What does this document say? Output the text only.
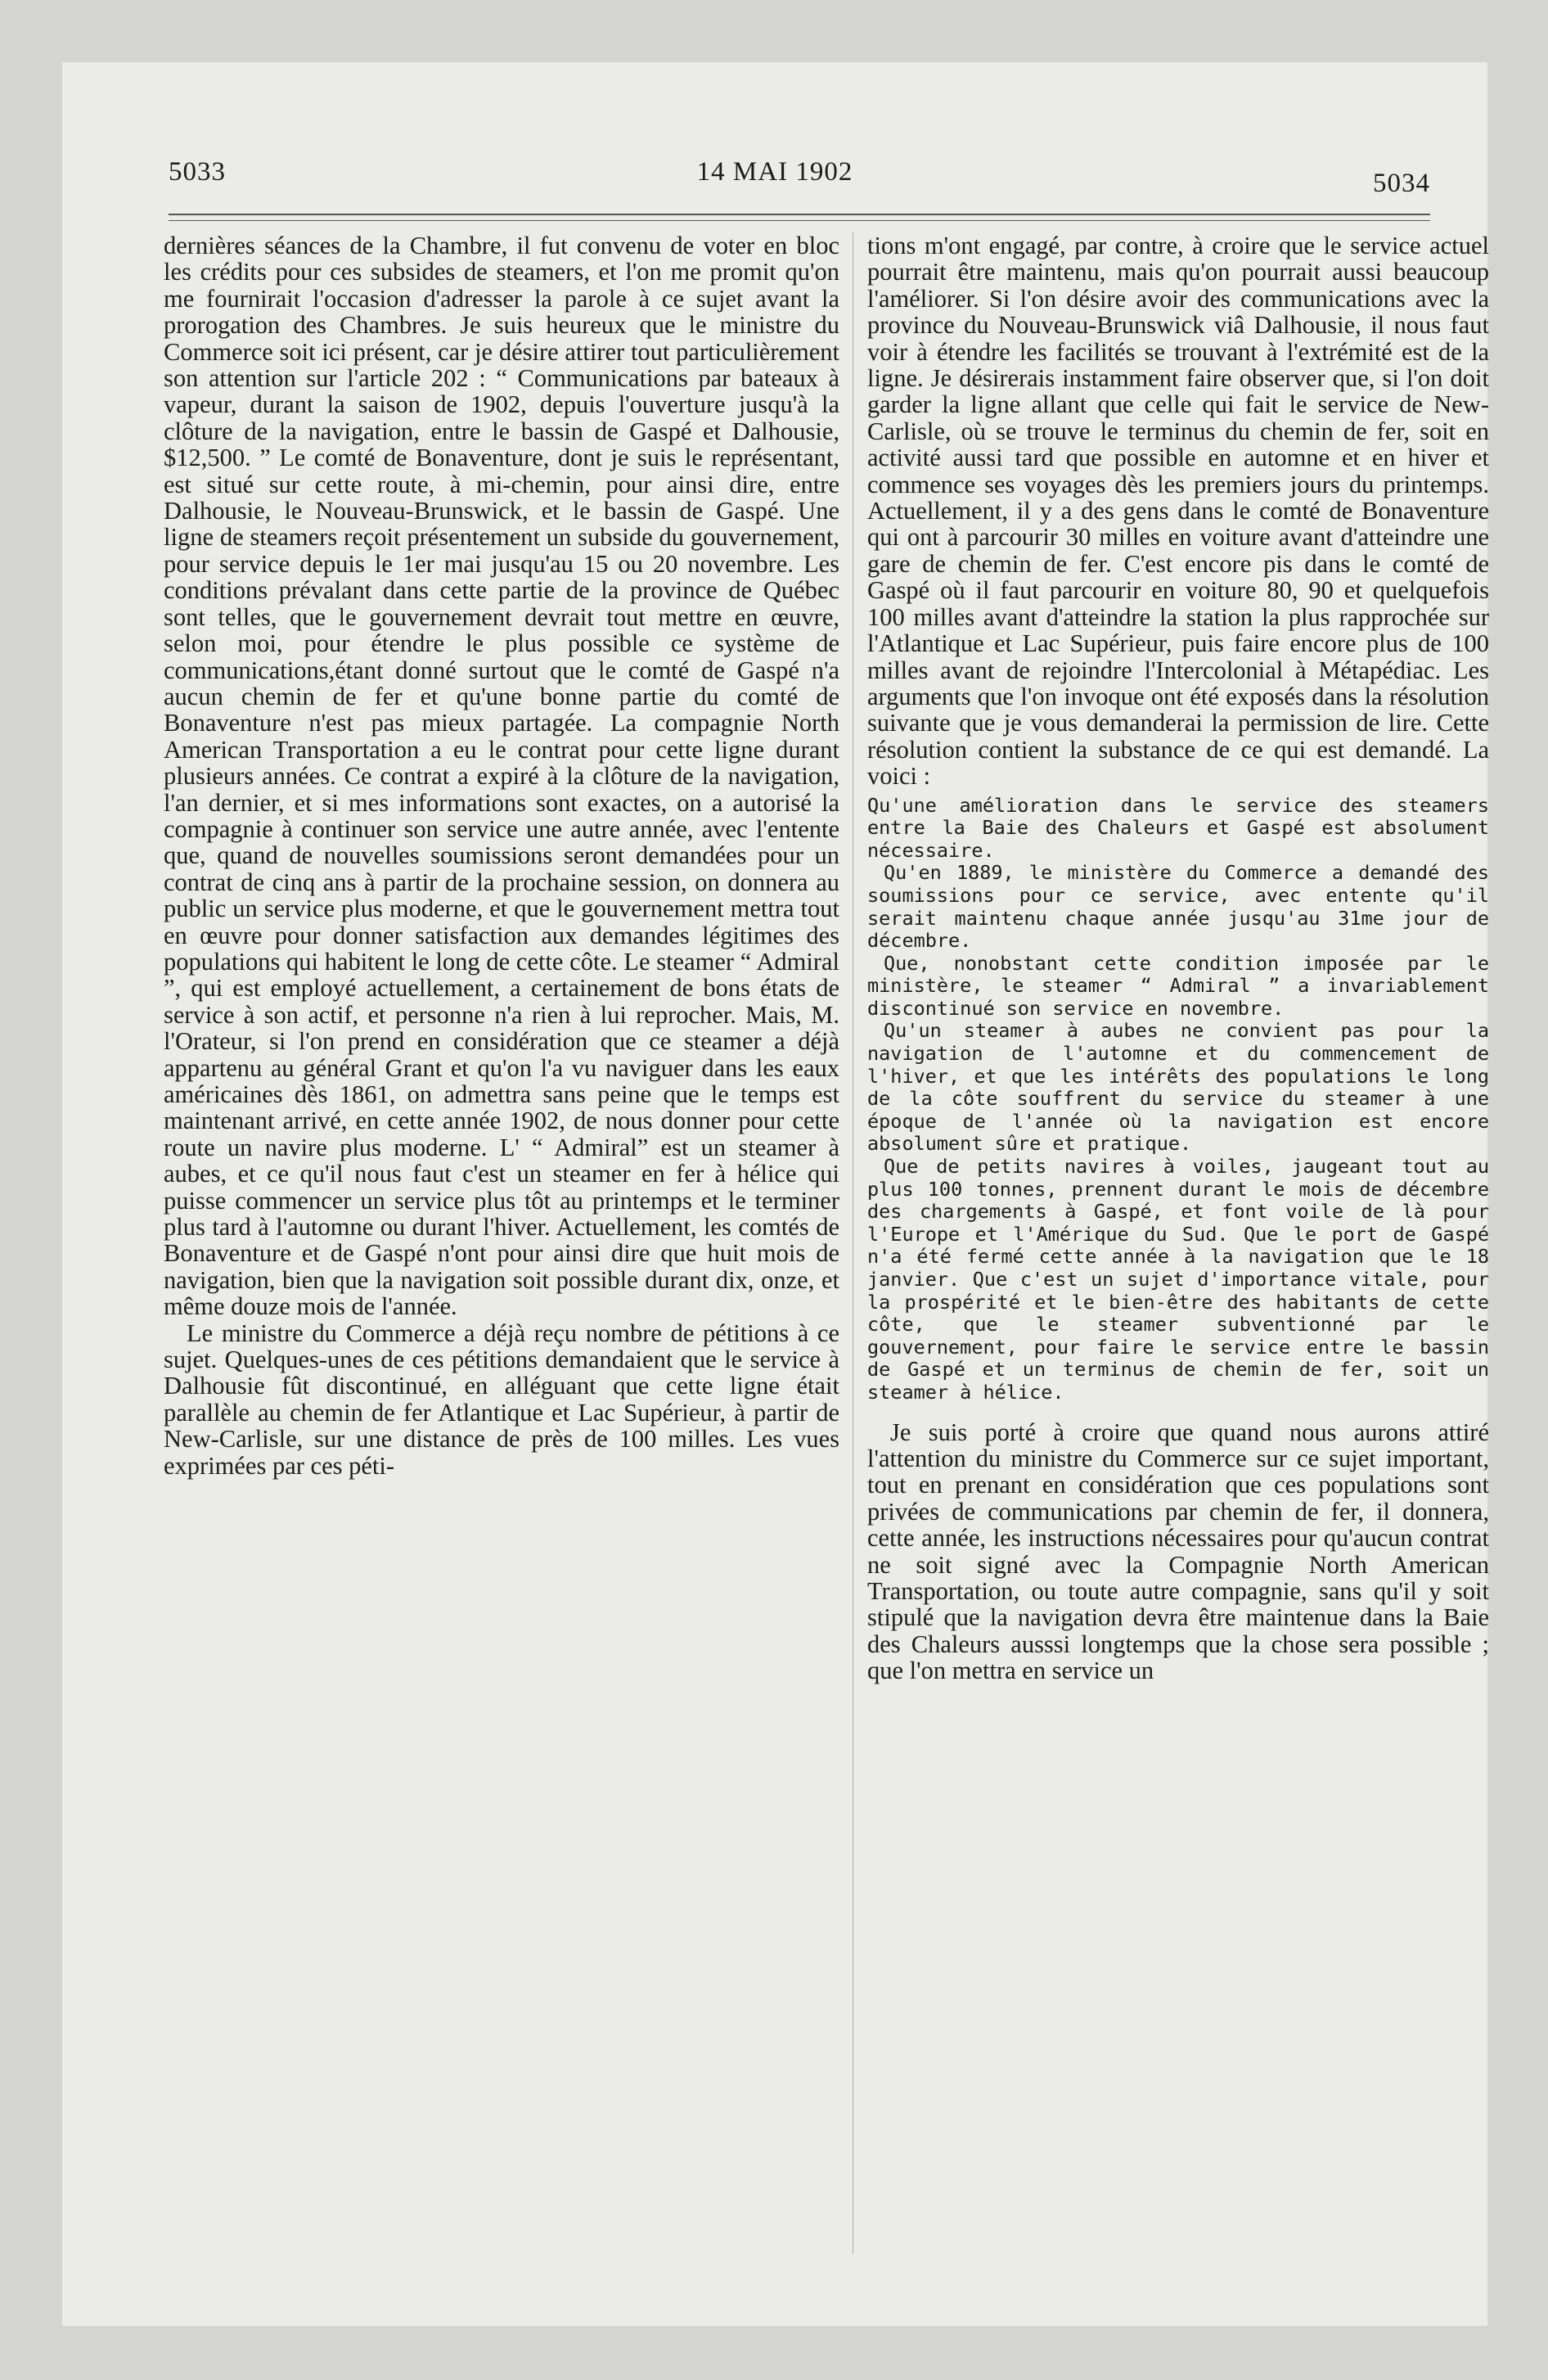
5033	14 MAI 1902	5034

dernières séances de la Chambre, il fut convenu de voter en bloc les crédits pour ces subsides de steamers, et l'on me promit qu'on me fournirait l'occasion d'adresser la parole à ce sujet avant la prorogation des Chambres. Je suis heureux que le ministre du Commerce soit ici présent, car je désire attirer tout particulièrement son attention sur l'article 202 : “ Communications par bateaux à vapeur, durant la saison de 1902, depuis l'ouverture jusqu'à la clôture de la navigation, entre le bassin de Gaspé et Dalhousie, $12,500. ” Le comté de Bonaventure, dont je suis le représentant, est situé sur cette route, à mi-chemin, pour ainsi dire, entre Dalhousie, le Nouveau-Brunswick, et le bassin de Gaspé. Une ligne de steamers reçoit présentement un subside du gouvernement, pour service depuis le 1er mai jusqu'au 15 ou 20 novembre. Les conditions prévalant dans cette partie de la province de Québec sont telles, que le gouvernement devrait tout mettre en œuvre, selon moi, pour étendre le plus possible ce système de communications,étant donné surtout que le comté de Gaspé n'a aucun chemin de fer et qu'une bonne partie du comté de Bonaventure n'est pas mieux partagée. La compagnie North American Transportation a eu le contrat pour cette ligne durant plusieurs années. Ce contrat a expiré à la clôture de la navigation, l'an dernier, et si mes informations sont exactes, on a autorisé la compagnie à continuer son service une autre année, avec l'entente que, quand de nouvelles soumissions seront demandées pour un contrat de cinq ans à partir de la prochaine session, on donnera au public un service plus moderne, et que le gouvernement mettra tout en œuvre pour donner satisfaction aux demandes légitimes des populations qui habitent le long de cette côte. Le steamer “ Admiral ”, qui est employé actuellement, a certainement de bons états de service à son actif, et personne n'a rien à lui reprocher. Mais, M. l'Orateur, si l'on prend en considération que ce steamer a déjà appartenu au général Grant et qu'on l'a vu naviguer dans les eaux américaines dès 1861, on admettra sans peine que le temps est maintenant arrivé, en cette année 1902, de nous donner pour cette route un navire plus moderne. L' “ Admiral” est un steamer à aubes, et ce qu'il nous faut c'est un steamer en fer à hélice qui puisse commencer un service plus tôt au printemps et le terminer plus tard à l'automne ou durant l'hiver. Actuellement, les comtés de Bonaventure et de Gaspé n'ont pour ainsi dire que huit mois de navigation, bien que la navigation soit possible durant dix, onze, et même douze mois de l'année.

Le ministre du Commerce a déjà reçu nombre de pétitions à ce sujet. Quelques-unes de ces pétitions demandaient que le service à Dalhousie fût discontinué, en alléguant que cette ligne était parallèle au chemin de fer Atlantique et Lac Supérieur, à partir de New-Carlisle, sur une distance de près de 100 milles. Les vues exprimées par ces péti-

tions m'ont engagé, par contre, à croire que le service actuel pourrait être maintenu, mais qu'on pourrait aussi beaucoup l'améliorer. Si l'on désire avoir des communications avec la province du Nouveau-Brunswick viâ Dalhousie, il nous faut voir à étendre les facilités se trouvant à l'extrémité est de la ligne. Je désirerais instamment faire observer que, si l'on doit garder la ligne allant que celle qui fait le service de New-Carlisle, où se trouve le terminus du chemin de fer, soit en activité aussi tard que possible en automne et en hiver et commence ses voyages dès les premiers jours du printemps. Actuellement, il y a des gens dans le comté de Bonaventure qui ont à parcourir 30 milles en voiture avant d'atteindre une gare de chemin de fer. C'est encore pis dans le comté de Gaspé où il faut parcourir en voiture 80, 90 et quelquefois 100 milles avant d'atteindre la station la plus rapprochée sur l'Atlantique et Lac Supérieur, puis faire encore plus de 100 milles avant de rejoindre l'Intercolonial à Métapédiac. Les arguments que l'on invoque ont été exposés dans la résolution suivante que je vous demanderai la permission de lire. Cette résolution contient la substance de ce qui est demandé. La voici :

Qu'une amélioration dans le service des steamers entre la Baie des Chaleurs et Gaspé est absolument nécessaire.

Qu'en 1889, le ministère du Commerce a demandé des soumissions pour ce service, avec entente qu'il serait maintenu chaque année jusqu'au 31me jour de décembre.

Que, nonobstant cette condition imposée par le ministère, le steamer “ Admiral ” a invariablement discontinué son service en novembre.

Qu'un steamer à aubes ne convient pas pour la navigation de l'automne et du commencement de l'hiver, et que les intérêts des populations le long de la côte souffrent du service du steamer à une époque de l'année où la navigation est encore absolument sûre et pratique.

Que de petits navires à voiles, jaugeant tout au plus 100 tonnes, prennent durant le mois de décembre des chargements à Gaspé, et font voile de là pour l'Europe et l'Amérique du Sud. Que le port de Gaspé n'a été fermé cette année à la navigation que le 18 janvier. Que c'est un sujet d'importance vitale, pour la prospérité et le bien-être des habitants de cette côte, que le steamer subventionné par le gouvernement, pour faire le service entre le bassin de Gaspé et un terminus de chemin de fer, soit un steamer à hélice.

Je suis porté à croire que quand nous aurons attiré l'attention du ministre du Commerce sur ce sujet important, tout en prenant en considération que ces populations sont privées de communications par chemin de fer, il donnera, cette année, les instructions nécessaires pour qu'aucun contrat ne soit signé avec la Compagnie North American Transportation, ou toute autre compagnie, sans qu'il y soit stipulé que la navigation devra être maintenue dans la Baie des Chaleurs ausssi longtemps que la chose sera possible ; que l'on mettra en service un
